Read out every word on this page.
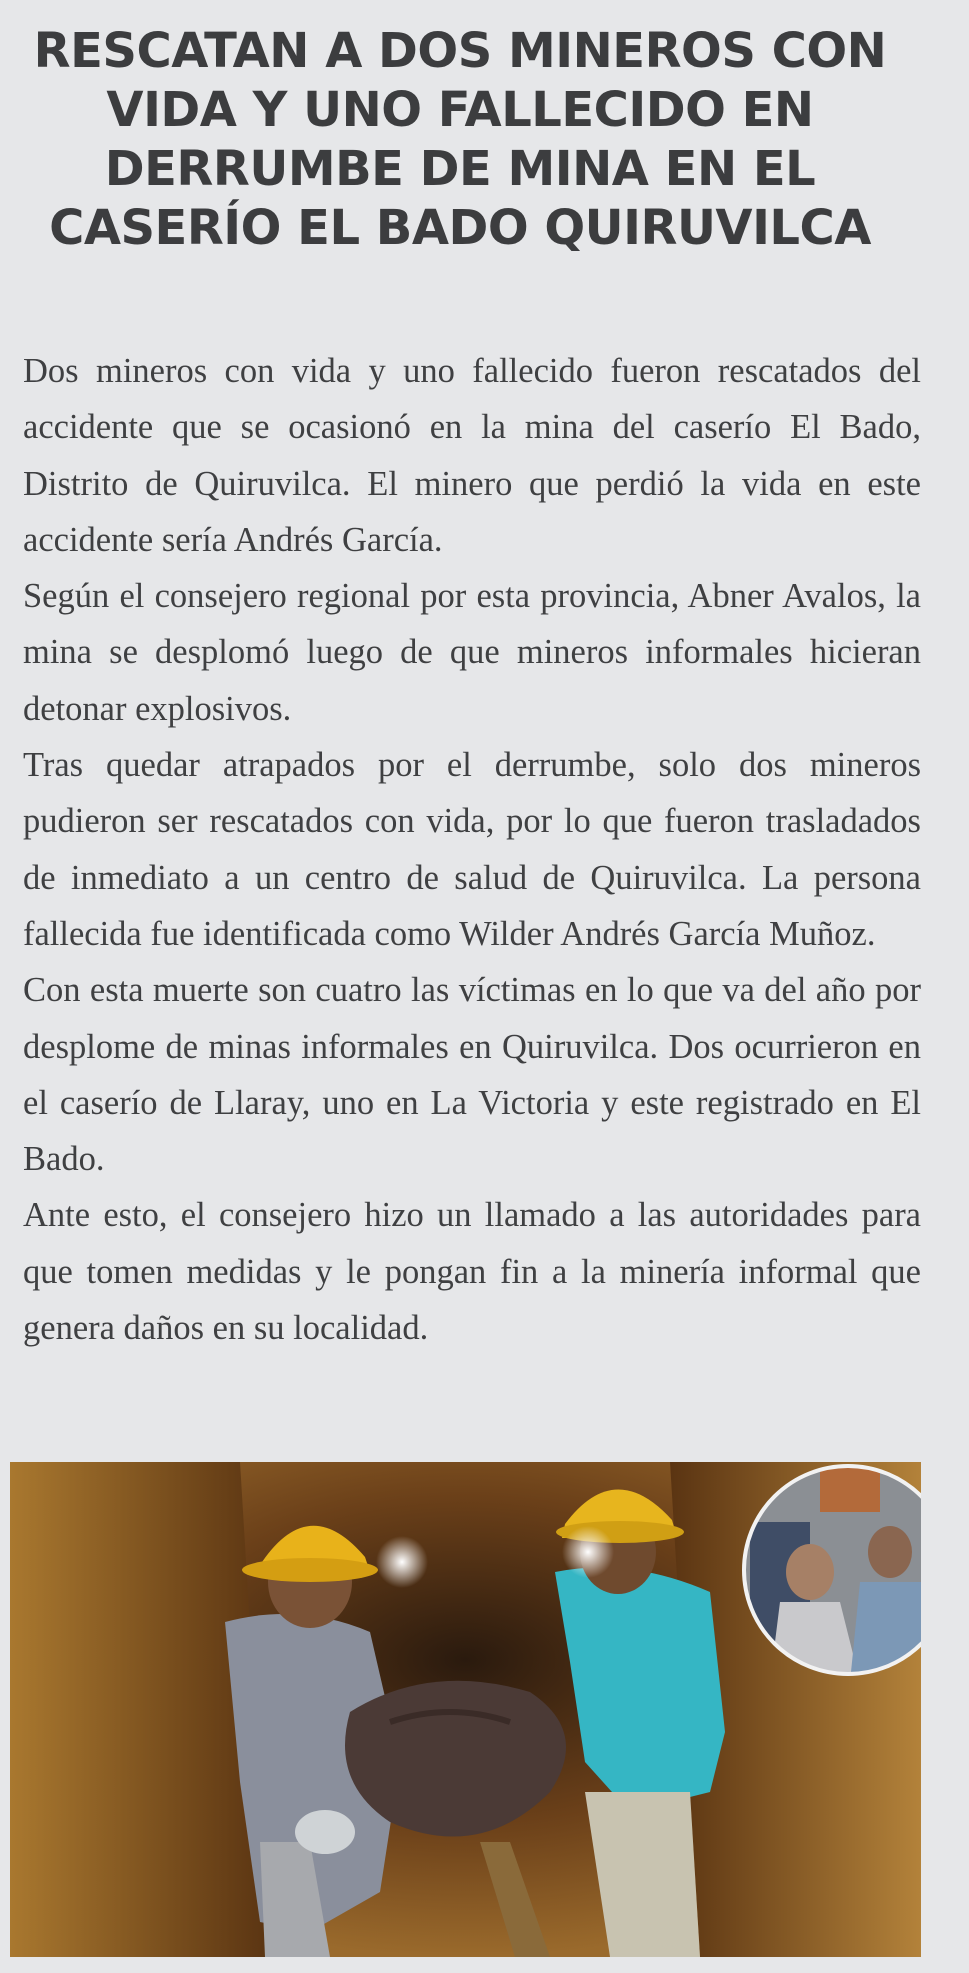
RESCATAN A DOS MINEROS CON VIDA Y UNO FALLECIDO EN DERRUMBE DE MINA EN EL CASERÍO EL BADO QUIRUVILCA

Dos mineros con vida y uno fallecido fueron rescatados del accidente que se ocasionó en la mina del caserío El Bado, Distrito de Quiruvilca. El minero que perdió la vida en este accidente sería Andrés García.

Según el consejero regional por esta provincia, Abner Avalos, la mina se desplomó luego de que mineros informales hicieran detonar explosivos.

Tras quedar atrapados por el derrumbe, solo dos mineros pudieron ser rescatados con vida, por lo que fueron trasladados de inmediato a un centro de salud de Quiruvilca. La persona fallecida fue identificada como Wilder Andrés García Muñoz.

Con esta muerte son cuatro las víctimas en lo que va del año por desplome de minas informales en Quiruvilca. Dos ocurrieron en el caserío de Llaray, uno en La Victoria y este registrado en El Bado.

Ante esto, el consejero hizo un llamado a las autoridades para que tomen medidas y le pongan fin a la minería informal que genera daños en su localidad.
